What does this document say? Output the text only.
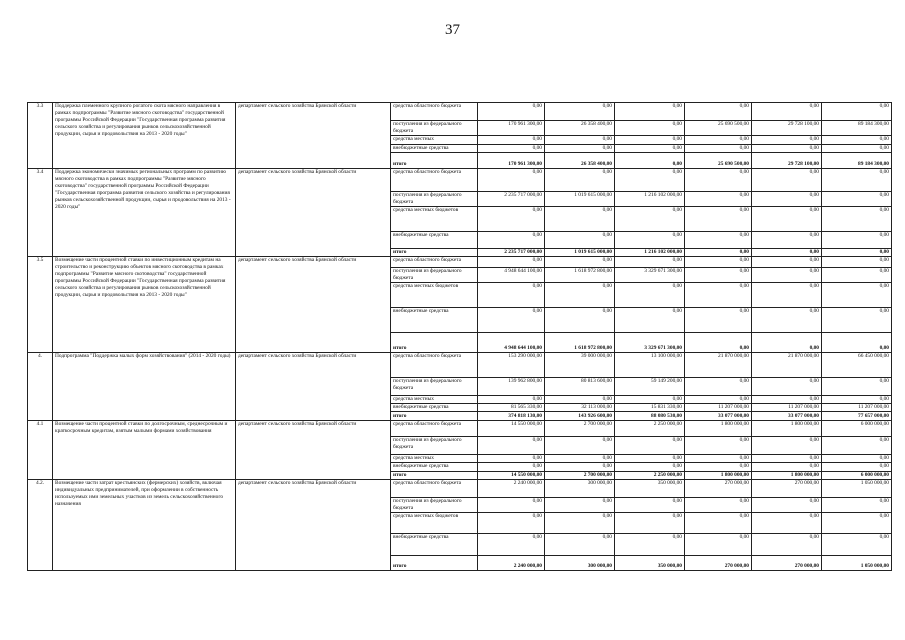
37
3.3	Поддержка племенного крупного рогатого скота мясного направления в рамках подпрограммы "Развитие мясного скотоводства" государственной программы Российской Федерации "Государственная программа развития сельского хозяйства и регулирования рынков сельскохозяйственной продукции, сырья и продовольствия на 2013 - 2020 годы"	департамент сельского хозяйства Брянской области	средства областного бюджета	0,00	0,00	0,00	0,00	0,00	0,00
			поступления из федерального бюджета	170 961 300,00	26 358 400,00	0,00	25 690 500,00	29 728 100,00	89 184 300,00
			средства местных	0,00	0,00	0,00	0,00	0,00	0,00
			внебюджетные средства	0,00	0,00	0,00	0,00	0,00	0,00
			итого	170 961 300,00	26 358 400,00	0,00	25 690 500,00	29 728 100,00	89 184 300,00
3.4	Поддержка экономически значимых региональных программ по развитию мясного скотоводства в рамках подпрограммы "Развитие мясного скотоводства" государственной программы Российской Федерации "Государственная программа развития сельского хозяйства и регулирования рынков сельскохозяйственной продукции, сырья и продовольствия на 2013 - 2020 годы"	департамент сельского хозяйства Брянской области	средства областного бюджета	0,00	0,00	0,00	0,00	0,00	0,00
			поступления из федерального бюджета	2 235 717 000,00	1 019 615 000,00	1 216 102 000,00	0,00	0,00	0,00
			средства местных бюджетов	0,00	0,00	0,00	0,00	0,00	0,00
			внебюджетные средства	0,00	0,00	0,00	0,00	0,00	0,00
			итого	2 235 717 000,00	1 019 615 000,00	1 216 102 000,00	0,00	0,00	0,00
3.5	Возмещение части процентной ставки по инвестиционным кредитам на строительство и реконструкцию объектов мясного скотоводства в рамках подпрограммы "Развитие мясного скотоводства" государственной программы Российской Федерации "Государственная программа развития сельского хозяйства и регулирования рынков сельскохозяйственной продукции, сырья и продовольствия на 2013 - 2020 годы"	департамент сельского хозяйства Брянской области	средства областного бюджета	0,00	0,00	0,00	0,00	0,00	0,00
			поступления из федерального бюджета	4 948 644 100,00	1 618 972 800,00	3 329 671 300,00	0,00	0,00	0,00
			средства местных бюджетов	0,00	0,00	0,00	0,00	0,00	0,00
			внебюджетные средства	0,00	0,00	0,00	0,00	0,00	0,00
			итого	4 948 644 100,00	1 618 972 800,00	3 329 671 300,00	0,00	0,00	0,00
4.	Подпрограмма "Поддержка малых форм хозяйствования" (2014 - 2020 годы)	департамент сельского хозяйства Брянской области	средства областного бюджета	153 290 000,00	39 000 000,00	13 100 000,00	21 870 000,00	21 870 000,00	66 450 000,00
			поступления из федерального бюджета	139 962 800,00	80 813 600,00	59 149 200,00	0,00	0,00	0,00
			средства местных	0,00	0,00	0,00	0,00	0,00	0,00
			внебюджетные средства	81 565 330,00	32 113 000,00	15 831 330,00	11 207 000,00	11 207 000,00	11 207 000,00
			итого	374 818 130,00	143 926 600,00	88 080 530,00	33 077 000,00	33 077 000,00	77 657 000,00
4.1	Возмещение части процентной ставки по долгосрочным, среднесрочным и краткосрочным кредитам, взятым малыми формами хозяйствования	департамент сельского хозяйства Брянской области	средства областного бюджета	14 550 000,00	2 700 000,00	2 250 000,00	1 800 000,00	1 800 000,00	6 000 000,00
			поступления из федерального бюджета	0,00	0,00	0,00	0,00	0,00	0,00
			средства местных	0,00	0,00	0,00	0,00	0,00	0,00
			внебюджетные средства	0,00	0,00	0,00	0,00	0,00	0,00
			итого	14 550 000,00	2 700 000,00	2 250 000,00	1 800 000,00	1 800 000,00	6 000 000,00
4.2.	Возмещение части затрат крестьянских (фермерских) хозяйств, включая индивидуальных предпринимателей, при оформлении в собственность используемых ими земельных участков из земель сельскохозяйственного назначения	департамент сельского хозяйства Брянской области	средства областного бюджета	2 240 000,00	300 000,00	350 000,00	270 000,00	270 000,00	1 050 000,00
			поступления из федерального бюджета	0,00	0,00	0,00	0,00	0,00	0,00
			средства местных бюджетов	0,00	0,00	0,00	0,00	0,00	0,00
			внебюджетные средства	0,00	0,00	0,00	0,00	0,00	0,00
			итого	2 240 000,00	300 000,00	350 000,00	270 000,00	270 000,00	1 050 000,00
